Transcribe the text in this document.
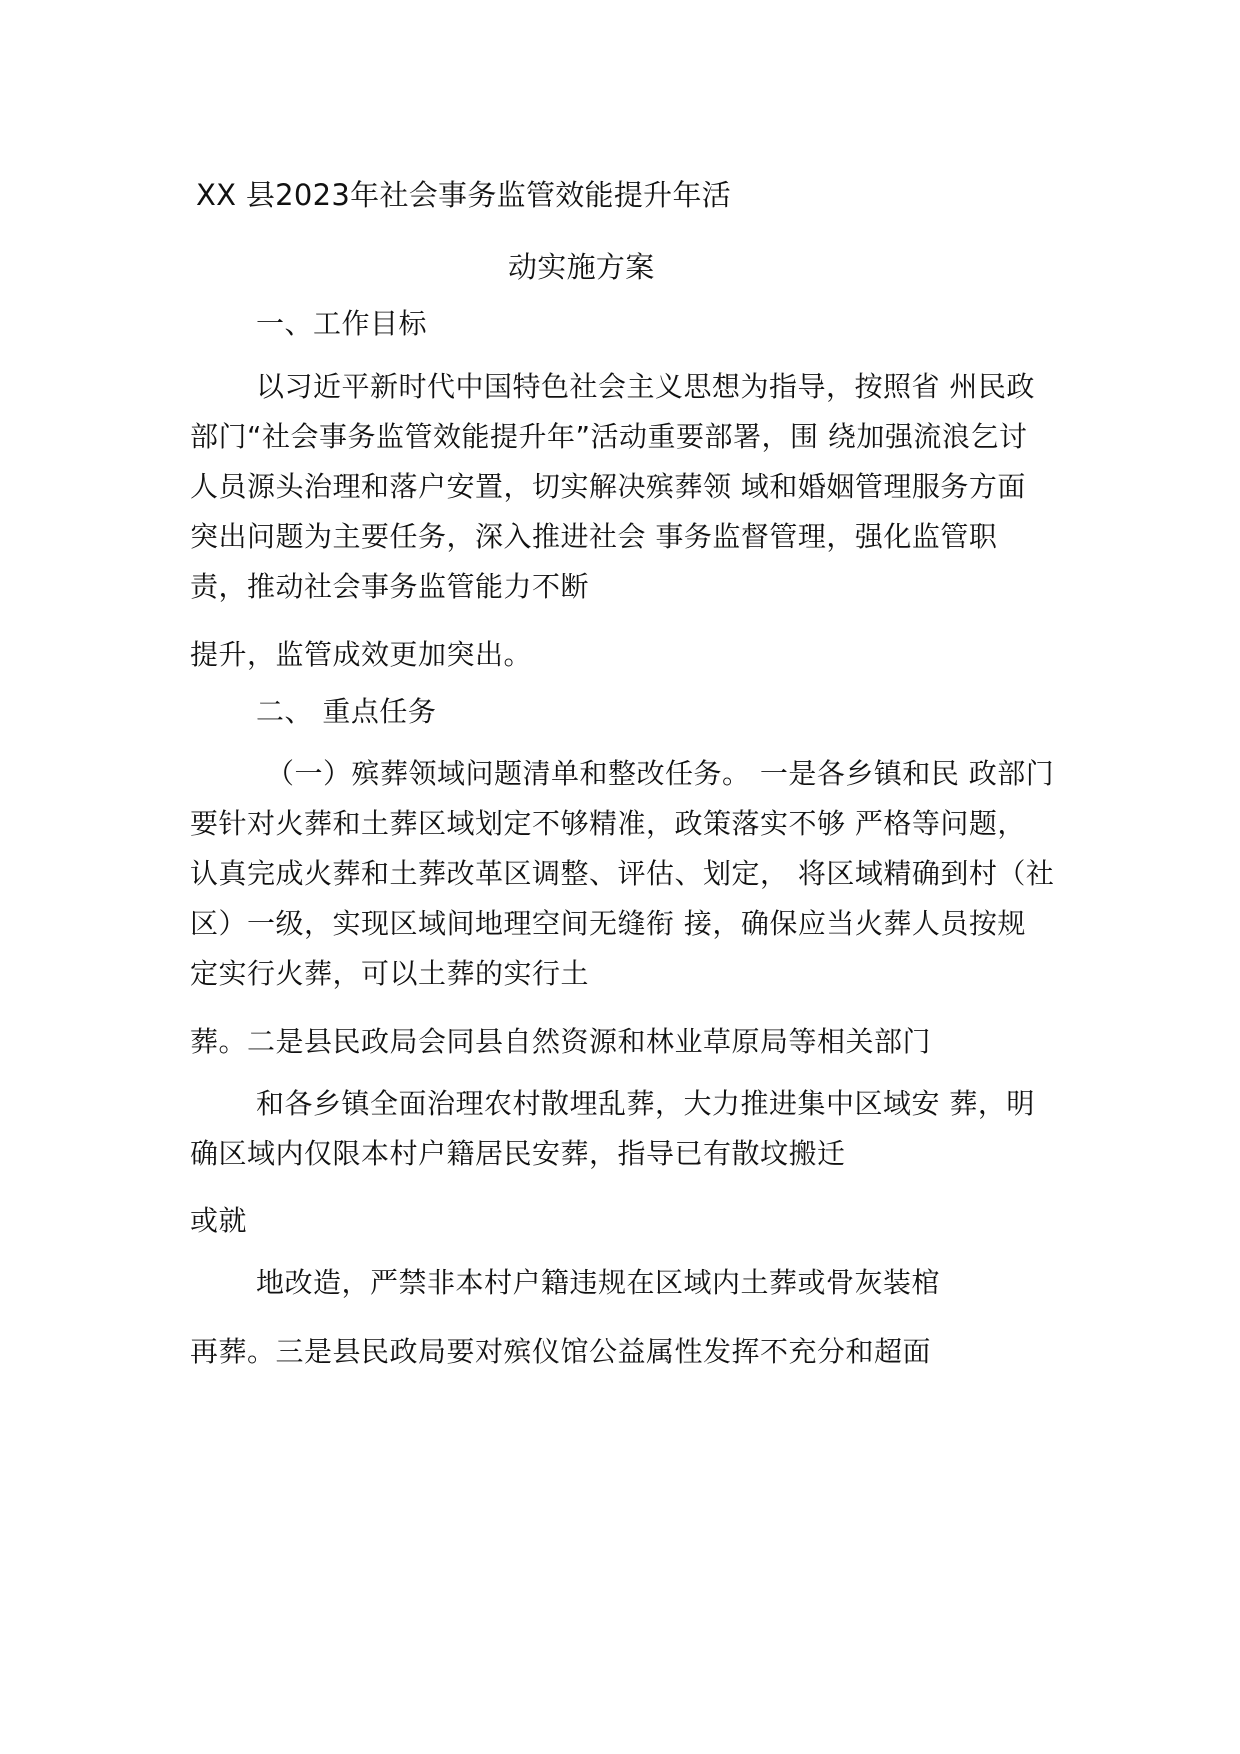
XX 县2023年社会事务监管效能提升年活
动实施方案
一、工作目标
以习近平新时代中国特色社会主义思想为指导，按照省 州民政
部门“社会事务监管效能提升年”活动重要部署，围 绕加强流浪乞讨
人员源头治理和落户安置，切实解决殡葬领 域和婚姻管理服务方面
突出问题为主要任务，深入推进社会 事务监督管理，强化监管职
责，推动社会事务监管能力不断
提升，监管成效更加突出。
二、 重点任务
（一）殡葬领域问题清单和整改任务。 一是各乡镇和民 政部门
要针对火葬和土葬区域划定不够精准，政策落实不够 严格等问题，
认真完成火葬和土葬改革区调整、评估、划定， 将区域精确到村（社
区）一级，实现区域间地理空间无缝衔 接，确保应当火葬人员按规
定实行火葬，可以土葬的实行土
葬。二是县民政局会同县自然资源和林业草原局等相关部门
和各乡镇全面治理农村散埋乱葬，大力推进集中区域安 葬，明
确区域内仅限本村户籍居民安葬，指导已有散坟搬迁
或就
地改造，严禁非本村户籍违规在区域内土葬或骨灰装棺
再葬。三是县民政局要对殡仪馆公益属性发挥不充分和超面
